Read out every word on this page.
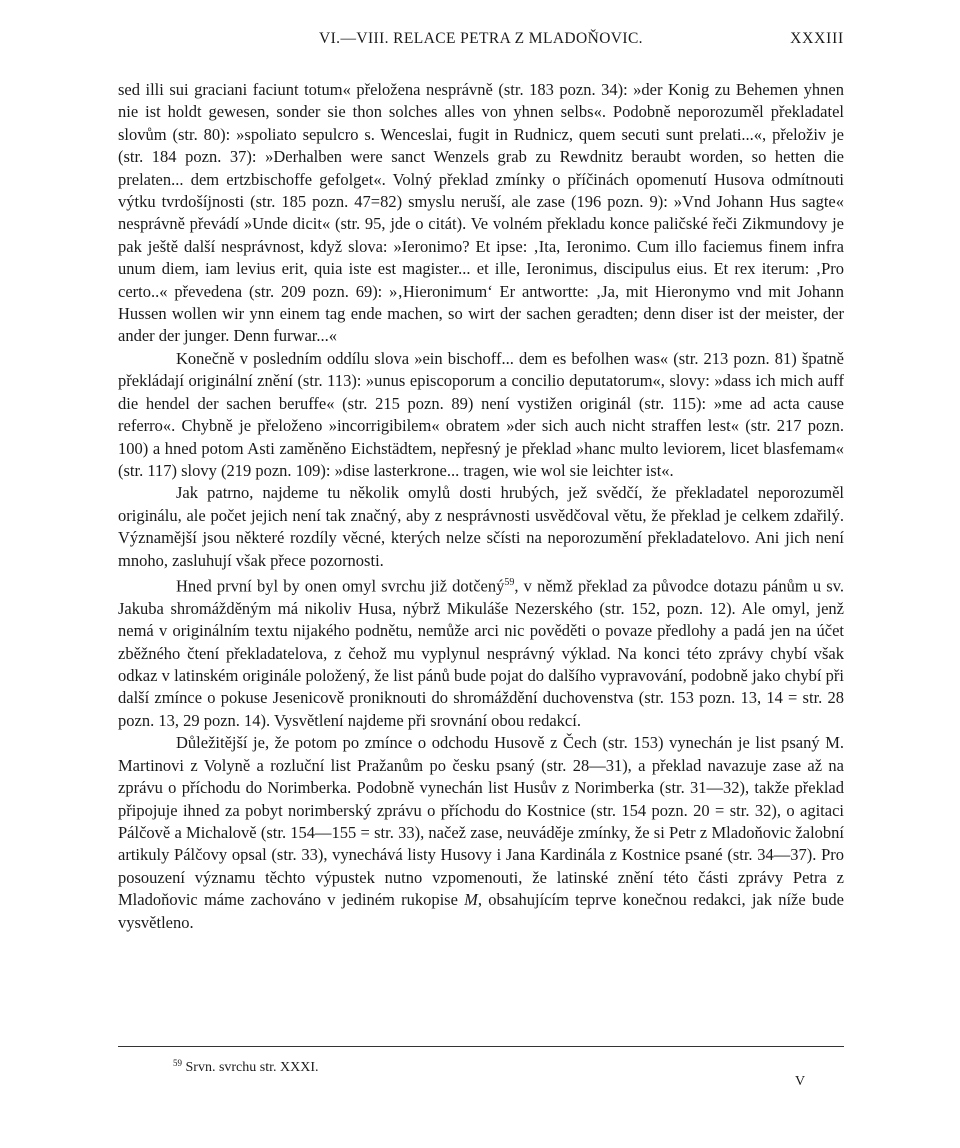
VI.—VIII. RELACE PETRA Z MLADOŇOVIC.	XXXIII

sed illi sui graciani faciunt totum« přeložena nesprávně (str. 183 pozn. 34): »der Konig zu Behemen yhnen nie ist holdt gewesen, sonder sie thon solches alles von yhnen selbs«. Podobně neporozuměl překladatel slovům (str. 80): »spoliato sepulcro s. Wenceslai, fugit in Rudnicz, quem secuti sunt prelati...«, přeloživ je (str. 184 pozn. 37): »Derhalben were sanct Wenzels grab zu Rewdnitz beraubt worden, so hetten die prelaten... dem ertzbischoffe gefolget«. Volný překlad zmínky o příčinách opomenutí Husova odmítnouti výtku tvrdošíjnosti (str. 185 pozn. 47=82) smyslu neruší, ale zase (196 pozn. 9): »Vnd Johann Hus sagte« nesprávně převádí »Unde dicit« (str. 95, jde o citát). Ve volném překladu konce paličské řeči Zikmundovy je pak ještě další nesprávnost, když slova: »Ieronimo? Et ipse: ‚Ita, Ieronimo. Cum illo faciemus finem infra unum diem, iam levius erit, quia iste est magister... et ille, Ieronimus, discipulus eius. Et rex iterum: ‚Pro certo..« převedena (str. 209 pozn. 69): »‚Hieronimum‘ Er antwortte: ‚Ja, mit Hieronymo vnd mit Johann Hussen wollen wir ynn einem tag ende machen, so wirt der sachen geradten; denn diser ist der meister, der ander der junger. Denn furwar...«

Konečně v posledním oddílu slova »ein bischoff... dem es befolhen was« (str. 213 pozn. 81) špatně překládají originální znění (str. 113): »unus episcoporum a concilio deputatorum«, slovy: »dass ich mich auff die hendel der sachen beruffe« (str. 215 pozn. 89) není vystižen originál (str. 115): »me ad acta cause referro«. Chybně je přeloženo »incorrigibilem« obratem »der sich auch nicht straffen lest« (str. 217 pozn. 100) a hned potom Asti zaměněno Eichstädtem, nepřesný je překlad »hanc multo leviorem, licet blasfemam« (str. 117) slovy (219 pozn. 109): »dise lasterkrone... tragen, wie wol sie leichter ist«.

Jak patrno, najdeme tu několik omylů dosti hrubých, jež svědčí, že překladatel neporozuměl originálu, ale počet jejich není tak značný, aby z nesprávnosti usvědčoval větu, že překlad je celkem zdařilý. Významější jsou některé rozdíly věcné, kterých nelze sčísti na neporozumění překladatelovo. Ani jich není mnoho, zasluhují však přece pozornosti.

Hned první byl by onen omyl svrchu již dotčený$^{59}$, v němž překlad za původce dotazu pánům u sv. Jakuba shromážděným má nikoliv Husa, nýbrž Mikuláše Nezerského (str. 152, pozn. 12). Ale omyl, jenž nemá v originálním textu nijakého podnětu, nemůže arci nic pověděti o povaze předlohy a padá jen na účet zběžného čtení překladatelova, z čehož mu vyplynul nesprávný výklad. Na konci této zprávy chybí však odkaz v latinském originále položený, že list pánů bude pojat do dalšího vypravování, podobně jako chybí při další zmínce o pokuse Jesenicově proniknouti do shromáždění duchovenstva (str. 153 pozn. 13, 14 = str. 28 pozn. 13, 29 pozn. 14). Vysvětlení najdeme při srovnání obou redakcí.

Důležitější je, že potom po zmínce o odchodu Husově z Čech (str. 153) vynechán je list psaný M. Martinovi z Volyně a rozluční list Pražanům po česku psaný (str. 28—31), a překlad navazuje zase až na zprávu o příchodu do Norimberka. Podobně vynechán list Husův z Norimberka (str. 31—32), takže překlad připojuje ihned za pobyt norimberský zprávu o příchodu do Kostnice (str. 154 pozn. 20 = str. 32), o agitaci Pálčově a Michalově (str. 154—155 = str. 33), načež zase, neuváděje zmínky, že si Petr z Mladoňovic žalobní artikuly Pálčovy opsal (str. 33), vynechává listy Husovy i Jana Kardinála z Kostnice psané (str. 34—37). Pro posouzení významu těchto výpustek nutno vzpomenouti, že latinské znění této části zprávy Petra z Mladoňovic máme zachováno v jediném rukopise M, obsahujícím teprve konečnou redakci, jak níže bude vysvětleno.

$^{59}$ Srvn. svrchu str. XXXI.
V
